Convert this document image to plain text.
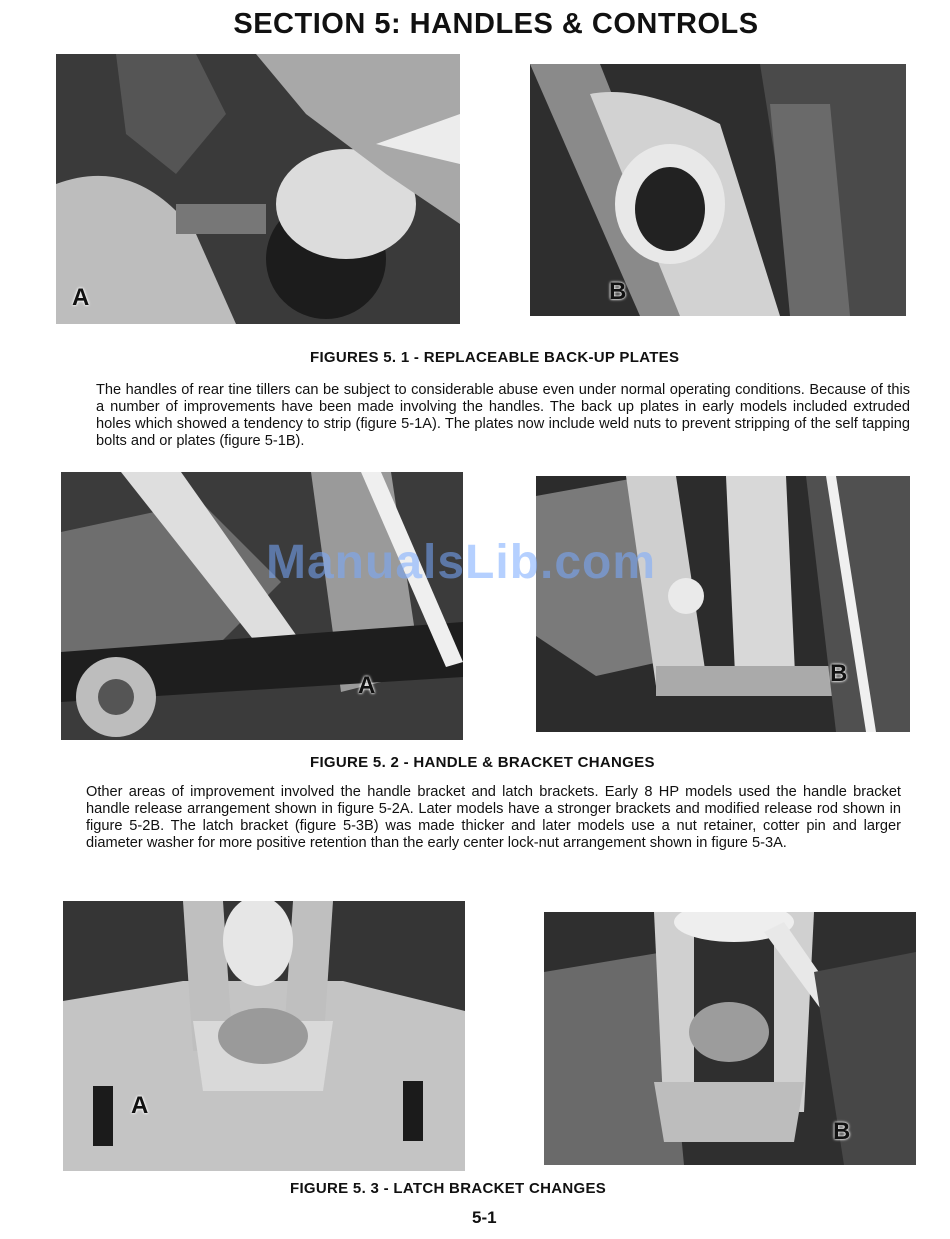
SECTION 5: HANDLES & CONTROLS
A	B
FIGURES 5. 1 - REPLACEABLE BACK-UP PLATES
The handles of rear tine tillers can be subject to considerable abuse even under normal operating conditions. Because of this a number of improvements have been made involving the handles. The back up plates in early models included extruded holes which showed a tendency to strip (figure 5-1A). The plates now include weld nuts to prevent stripping of the self tapping bolts and or plates (figure 5-1B).
A	B
ManualsLib.com
FIGURE 5. 2 - HANDLE & BRACKET CHANGES
Other areas of improvement involved the handle bracket and latch brackets. Early 8 HP models used the handle bracket handle release arrangement shown in figure 5-2A. Later models have a stronger brackets and modified release rod shown in figure 5-2B. The latch bracket (figure 5-3B) was made thicker and later models use a nut retainer, cotter pin and larger diameter washer for more positive retention than the early center lock-nut arrangement shown in figure 5-3A.
A
B
FIGURE 5. 3 - LATCH BRACKET CHANGES
5-1
